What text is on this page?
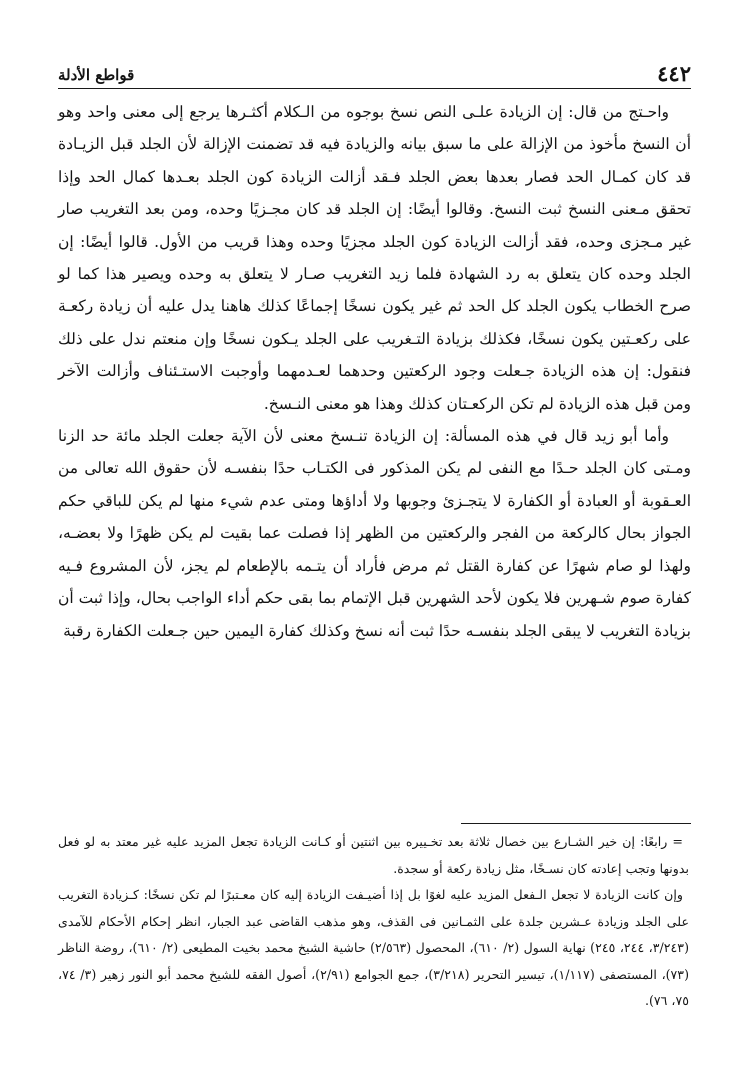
٤٤٢
قواطع الأدلة

واحـتج من قال: إن الزيادة علـى النص نسخ بوجوه من الـكلام أكثـرها يرجع إلى معنى واحد وهو أن النسخ مأخوذ من الإزالة على ما سبق بيانه والزيادة فيه قد تضمنت الإزالة لأن الجلد قبل الزيـادة قد كان كمـال الحد فصار بعدها بعض الجلد فـقد أزالت الزيادة كون الجلد بعـدها كمال الحد وإذا تحقق مـعنى النسخ ثبت النسخ. وقالوا أيضًا: إن الجلد قد كان مجـزيًا وحده، ومن بعد التغريب صار غير مـجزى وحده، فقد أزالت الزيادة كون الجلد مجزيًا وحده وهذا قريب من الأول. قالوا أيضًا: إن الجلد وحده كان يتعلق به رد الشهادة فلما زيد التغريب صـار لا يتعلق به وحده ويصير هذا كما لو صرح الخطاب يكون الجلد كل الحد ثم غير يكون نسخًا إجماعًا كذلك هاهنا يدل عليه أن زيادة ركعـة على ركعـتين يكون نسخًا، فكذلك بزيادة التـغريب على الجلد يـكون نسخًا وإن منعتم ندل على ذلك فنقول: إن هذه الزيادة جـعلت وجود الركعتين وحدهما لعـدمهما وأوجبت الاستـئناف وأزالت الآخر ومن قبل هذه الزيادة لم تكن الركعـتان كذلك وهذا هو معنى النـسخ.

وأما أبو زيد قال في هذه المسألة: إن الزيادة تنـسخ معنى لأن الآية جعلت الجلد مائة حد الزنا ومـتى كان الجلد حـدًا مع النفى لم يكن المذكور فى الكتـاب حدًا بنفسـه لأن حقوق الله تعالى من العـقوبة أو العبادة أو الكفارة لا يتجـزئ وجوبها ولا أداؤها ومتى عدم شيء منها لم يكن للباقي حكم الجواز بحال كالركعة من الفجر والركعتين من الظهر إذا فصلت عما بقيت لم يكن ظهرًا ولا بعضـه، ولهذا لو صام شهرًا عن كفارة القتل ثم مرض فأراد أن يتـمه بالإطعام لم يجز، لأن المشروع فـيه كفارة صوم شـهرين فلا يكون لأحد الشهرين قبل الإتمام بما بقى حكم أداء الواجب بحال، وإذا ثبت أن بزيادة التغريب لا يبقى الجلد بنفسـه حدًا ثبت أنه نسخ وكذلك كفارة اليمين حين جـعلت الكفارة رقبة

= رابعًا: إن خير الشـارع بين خصال ثلاثة بعد تخـييره بين اثنتين أو كـانت الزيادة تجعل المزيد عليه غير معتد به لو فعل بدونها وتجب إعادته كان نسـخًا، مثل زيادة ركعة أو سجدة.

وإن كانت الزيادة لا تجعل الـفعل المزيد عليه لغوًا بل إذا أضيـفت الزيادة إليه كان معـتبرًا لم تكن نسخًا: كـزيادة التغريب على الجلد وزيادة عـشرين جلدة على الثمـانين فى القذف، وهو مذهب القاضى عبد الجبار، انظر إحكام الأحكام للآمدى (٣/٢٤٣، ٢٤٤، ٢٤٥) نهاية السول (٢/ ٦١٠)، المحصول (٢/٥٦٣) حاشية الشيخ محمد بخيت المطيعى (٢/ ٦١٠)، روضة الناظر (٧٣)، المستصفى (١/١١٧)، تيسير التحرير (٣/٢١٨)، جمع الجوامع (٢/٩١)، أصول الفقه للشيخ محمد أبو النور زهير (٣/ ٧٤، ٧٥، ٧٦).
